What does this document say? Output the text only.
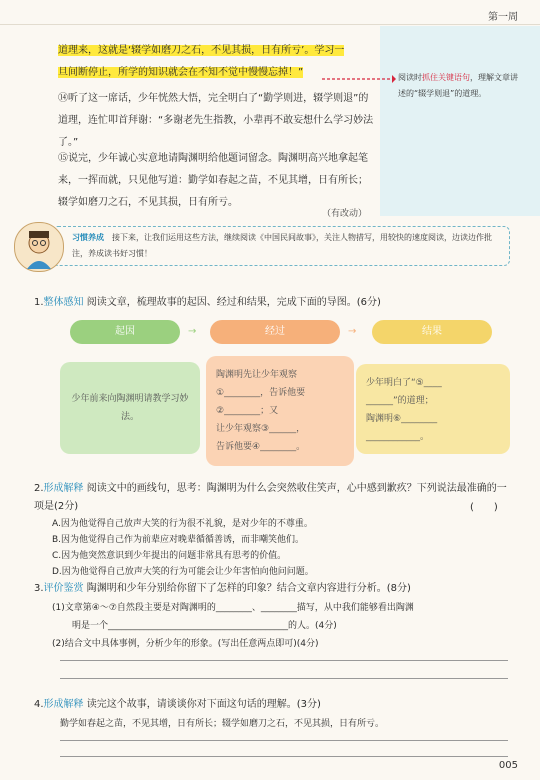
第一周
阅读时抓住关键语句，理解文章讲述的“辍学则退”的道理。
道理来，这就是‘辍学如磨刀之石，不见其损，日有所亏’。学习一
旦间断停止，所学的知识就会在不知不觉中慢慢忘掉！”
⑭听了这一席话，少年恍然大悟，完全明白了“勤学则进，辍学则退”的道理，连忙叩首拜谢：“多谢老先生指教，小辈再不敢妄想什么学习妙法了。”
⑮说完，少年诚心实意地请陶渊明给他题词留念。陶渊明高兴地拿起笔来，一挥而就，只见他写道：勤学如春起之苗，不见其增，日有所长；辍学如磨刀之石，不见其损，日有所亏。
（有改动）
习惯养成　 接下来，让我们运用这些方法，继续阅读《中国民间故事》，关注人物措写，用较快的速度阅读，边读边作批注，养成读书好习惯！
1.整体感知 阅读文章，梳理故事的起因、经过和结果，完成下面的导图。(6分)
起因	→	经过	→	结果
少年前来向陶渊明请教学习妙法。
陶渊明先让少年观察
①________，告诉他要
②________；又
让少年观察③______，
告诉他要④________。
少年明白了“⑤____
______”的道理；
陶渊明⑥________
____________。
2.形成解释 阅读文中的画线句，思考：陶渊明为什么会突然收住笑声，心中感到歉疚？下列说法最准确的一项是(2分)	(　　)
A.因为他觉得自己放声大笑的行为很不礼貌，是对少年的不尊重。
B.因为他觉得自己作为前辈应对晚辈循循善诱，而非嘲笑他们。
C.因为他突然意识到少年提出的问题非常具有思考的价值。
D.因为他觉得自己放声大笑的行为可能会让少年害怕向他问问题。
3.评价鉴赏 陶渊明和少年分别给你留下了怎样的印象？结合文章内容进行分析。(8分)
(1)文章第④～⑦自然段主要是对陶渊明的________、________描写，从中我们能够看出陶渊
明是一个________________________________________的人。(4分)
(2)结合文中具体事例，分析少年的形象。(写出任意两点即可)(4分)
4.形成解释 读完这个故事，请谈谈你对下面这句话的理解。(3分)
勤学如春起之苗，不见其增，日有所长；辍学如磨刀之石，不见其损，日有所亏。
005
